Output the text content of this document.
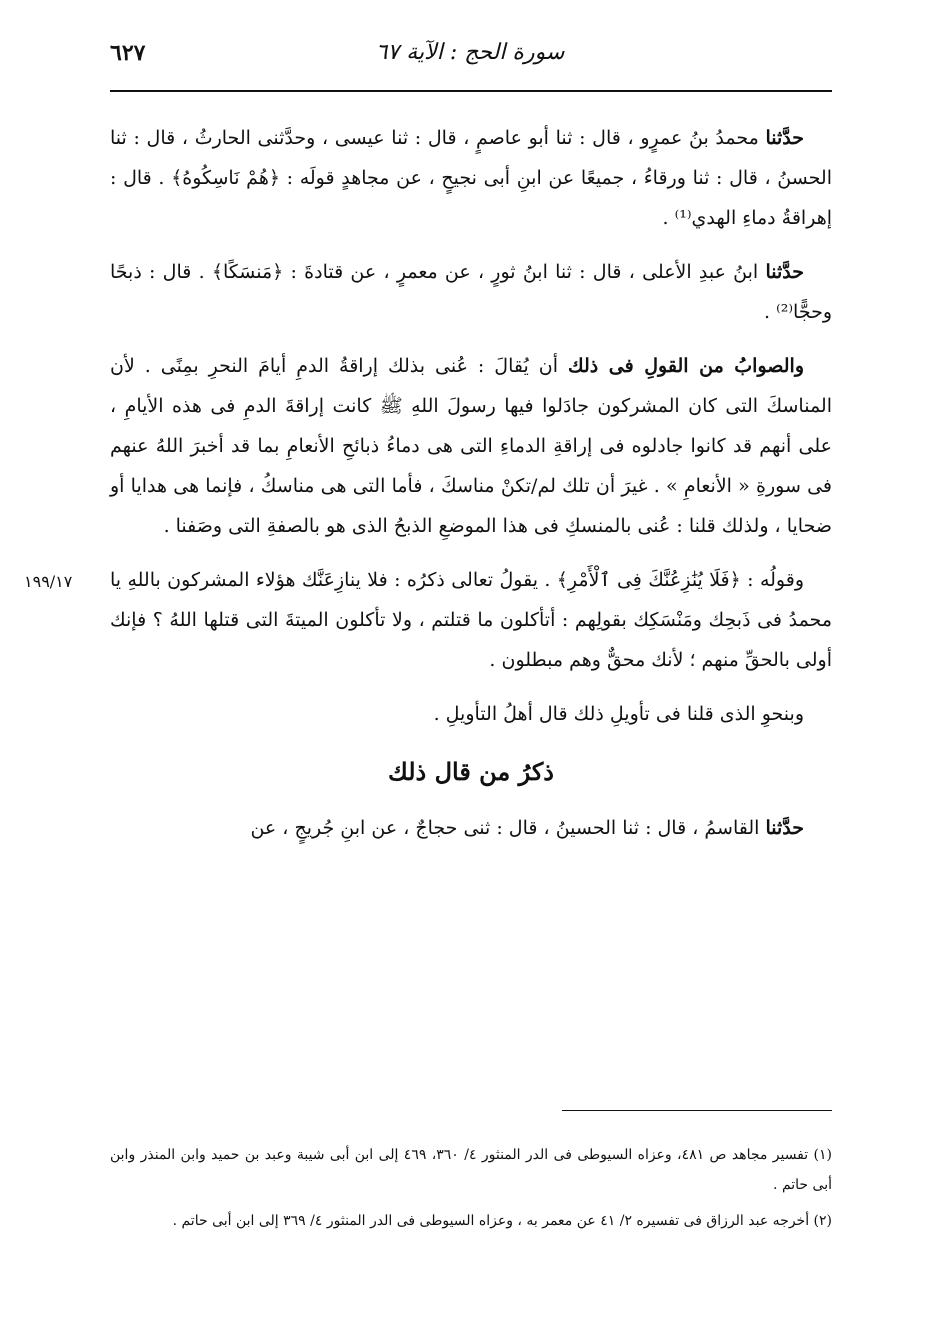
سورة الحج : الآية ٦٧
٦٢٧
١٩٩/١٧

حدَّثنا محمدُ بنُ عمرٍو ، قال : ثنا أبو عاصمٍ ، قال : ثنا عيسى ، وحدَّثنى الحارثُ ، قال : ثنا الحسنُ ، قال : ثنا ورقاءُ ، جميعًا عن ابنِ أبى نجيحٍ ، عن مجاهدٍ قولَه : ﴿هُمْ نَاسِكُوهُ﴾ . قال : إهراقةُ دماءِ الهدي⁽¹⁾ .

حدَّثنا ابنُ عبدِ الأعلى ، قال : ثنا ابنُ ثورٍ ، عن معمرٍ ، عن قتادةَ : ﴿مَنسَكًا﴾ . قال : ذبحًا وحجًّا⁽²⁾ .

والصوابُ من القولِ فى ذلك أن يُقالَ : عُنى بذلك إراقةُ الدمِ أيامَ النحرِ بمِنًى . لأن المناسكَ التى كان المشركون جادَلوا فيها رسولَ اللهِ ﷺ كانت إراقةَ الدمِ فى هذه الأيامِ ، على أنهم قد كانوا جادلوه فى إراقةِ الدماءِ التى هى دماءُ ذبائحِ الأنعامِ بما قد أخبرَ اللهُ عنهم فى سورةِ « الأنعامِ » . غيرَ أن تلك لم/تكنْ مناسكَ ، فأما التى هى مناسكُ ، فإنما هى هدايا أو ضحايا ، ولذلك قلنا : عُنى بالمنسكِ فى هذا الموضعِ الذبحُ الذى هو بالصفةِ التى وصَفنا .

وقولُه : ﴿فَلَا يُنَٰزِعُنَّكَ فِى ٱلْأَمْرِ﴾ . يقولُ تعالى ذكرُه : فلا ينازِعَنَّك هؤلاء المشركون باللهِ يا محمدُ فى ذَبحِك ومَنْسَكِك بقولِهم : أتأكلون ما قتلتم ، ولا تأكلون الميتةَ التى قتلها اللهُ ؟ فإنك أولى بالحقِّ منهم ؛ لأنك محقٌّ وهم مبطلون .

وبنحوِ الذى قلنا فى تأويلِ ذلك قال أهلُ التأويلِ .

ذكرُ من قال ذلك

حدَّثنا القاسمُ ، قال : ثنا الحسينُ ، قال : ثنى حجاجٌ ، عن ابنِ جُريجٍ ، عن

(١) تفسير مجاهد ص ٤٨١، وعزاه السيوطى فى الدر المنثور ٤/ ٣٦٠، ٤٦٩ إلى ابن أبى شيبة وعبد بن حميد وابن المنذر وابن أبى حاتم .

(٢) أخرجه عبد الرزاق فى تفسيره ٢/ ٤١ عن معمر به ، وعزاه السيوطى فى الدر المنثور ٤/ ٣٦٩ إلى ابن أبى حاتم .
